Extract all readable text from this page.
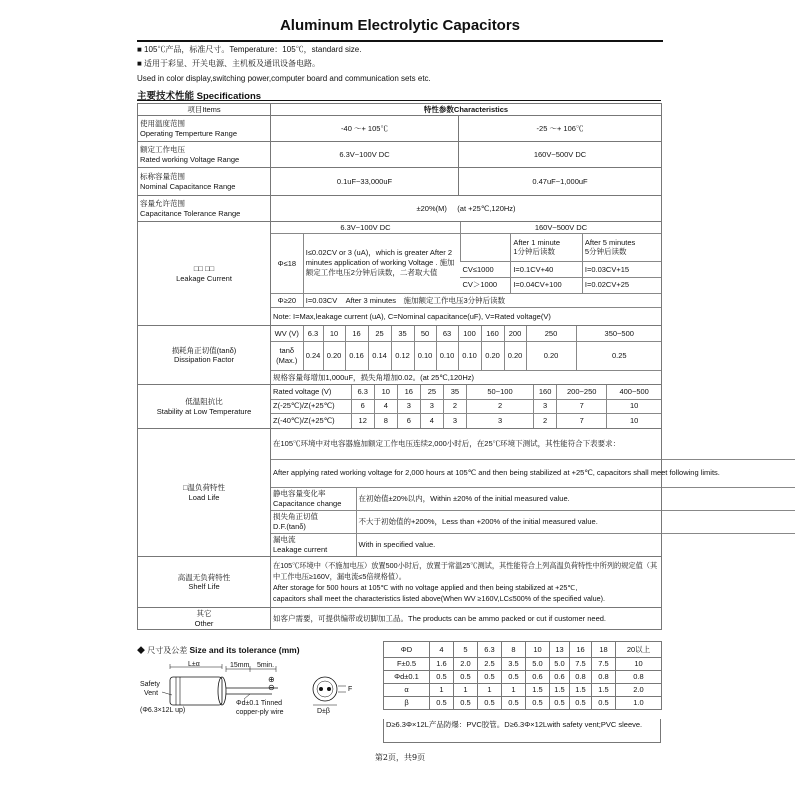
Aluminum Electrolytic Capacitors
■ 105℃产品，标准尺寸。Temperature：105℃，standard size.
■ 适用于彩显、开关电源、主机板及通讯设备电路。
Used in color display,switching power,computer board and communication sets etc.
主要技术性能 Specifications
项目Items	特性参数Characteristics
使用温度范围
Operating Temperture Range	-40 ～+ 105℃	-25 ～+ 106℃
额定工作电压
Rated working Voltage Range	6.3V~100V DC	160V~500V DC
标称容量范围
Nominal Capacitance Range	0.1uF~33,000uF	0.47uF~1,000uF
容量允许范围
Capacitance Tolerance Range	±20%(M) (at +25℃,120Hz)
□□ □□
Leakage Current	
6.3V~100V DC	160V~500V DC
Φ≤18	I≤0.02CV or 3 (uA)，which is greater After 2 minutes application of working Voltage . 施加额定工作电压2分钟后读数，二者取大值		After 1 minute
1分钟后读数	After 5 minutes
5分钟后读数
CV≤1000	I=0.1CV+40	I=0.03CV+15
CV＞1000	I=0.04CV+100	I=0.02CV+25
Φ≥20	I=0.03CV After 3 minutes　施加额定工作电压3分钟后读数
Note: I=Max,leakage current (uA), C=Nominal capacitance(uF), V=Rated voltage(V)

损耗角正切值(tanδ)
Dissipation Factor	
WV (V)	6.3	10	16	25	35	50	63	100	160	200	250	350~500
tanδ (Max.)	0.24	0.20	0.16	0.14	0.12	0.10	0.10	0.10	0.20	0.20	0.20	0.25
规格容量每增加1,000uF，损失角增加0.02。(at 25℃,120Hz)

低温阻抗比
Stability at Low Temperature	
Rated voltage (V)	6.3	10	16	25	35	50~100	160	200~250	400~500
Z(-25℃)/Z(+25℃)	6	4	3	3	2	2	3	7	10
Z(-40℃)/Z(+25℃)	12	8	6	4	3	3	2	7	10

□温负荷特性
Load Life	
在105℃环境中对电容器施加额定工作电压连续2,000小时后，在25℃环境下测试，其性能符合下表要求：
After applying rated working voltage for 2,000 hours at 105℃ and then being stabilized at +25℃, capacitors shall meet following limits.
静电容量变化率
Capacitance change	在初始值±20%以内，Within ±20% of the initial measured value.
损失角正切值
D.F.(tanδ)	不大于初始值的+200%，Less than +200% of the initial measured value.
漏电流
Leakage current	With in specified value.

高温无负荷特性
Shelf Life	在105℃环境中（不施加电压）放置500小时后，放置于常温25℃测试，其性能符合上列高温负荷特性中所列的规定值（其中工作电压≥160V，漏电流≤5倍规格值）。
After storage for 500 hours at 105℃ with no voltage applied and then being stabilized at +25℃,
capacitors shall meet the characteristics listed above(When WV ≥160V,LC≤500% of the specified value).
其它
Other	如客户需要，可提供编带或切脚加工品。The products can be ammo packed or cut if customer need.
◆ 尺寸及公差 Size and its tolerance (mm)
L±α	15mm 5min.
Safety
Vent
(Φ6.3×12L up)
Φd±0.1 Tinned
copper-ply wire
⊕
⊖	F
D±β
ΦD	4	5	6.3	8	10	13	16	18	20以上
F±0.5	1.6	2.0	2.5	3.5	5.0	5.0	7.5	7.5	10
Φd±0.1	0.5	0.5	0.5	0.5	0.6	0.6	0.8	0.8	0.8
α	1	1	1	1	1.5	1.5	1.5	1.5	2.0
β	0.5	0.5	0.5	0.5	0.5	0.5	0.5	0.5	1.0
D≥6.3Φ×12L产品防爆：PVC胶管。D≥6.3Φ×12Lwith safety vent;PVC sleeve.
第2页，共9页
